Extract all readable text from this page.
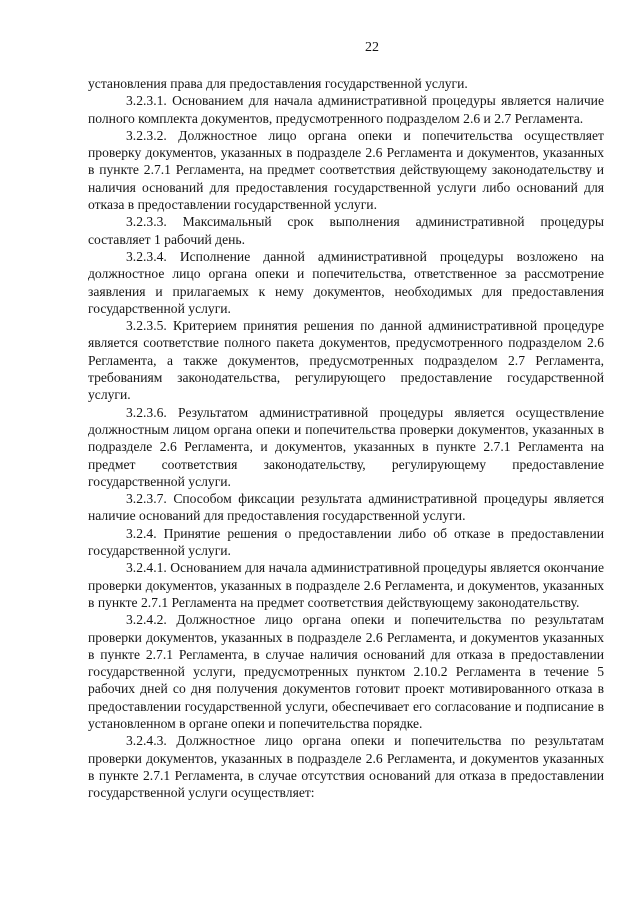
22

установления права для предоставления государственной услуги.

3.2.3.1. Основанием для начала административной процедуры является наличие полного комплекта документов, предусмотренного подразделом 2.6 и 2.7 Регламента.

3.2.3.2. Должностное лицо органа опеки и попечительства осуществляет проверку документов, указанных в подразделе 2.6 Регламента и документов, указанных в пункте 2.7.1 Регламента, на предмет соответствия действующему законодательству и наличия оснований для предоставления государственной услуги либо оснований для отказа в предоставлении государственной услуги.

3.2.3.3. Максимальный срок выполнения административной процедуры составляет 1 рабочий день.

3.2.3.4. Исполнение данной административной процедуры возложено на должностное лицо органа опеки и попечительства, ответственное за рассмотрение заявления и прилагаемых к нему документов, необходимых для предоставления государственной услуги.

3.2.3.5. Критерием принятия решения по данной административной процедуре является соответствие полного пакета документов, предусмотренного подразделом 2.6 Регламента, а также документов, предусмотренных подразделом 2.7 Регламента, требованиям законодательства, регулирующего предоставление государственной услуги.

3.2.3.6. Результатом административной процедуры является осуществление должностным лицом органа опеки и попечительства проверки документов, указанных в подразделе 2.6 Регламента, и документов, указанных в пункте 2.7.1 Регламента на предмет соответствия законодательству, регулирующему предоставление государственной услуги.

3.2.3.7. Способом фиксации результата административной процедуры является наличие оснований для предоставления государственной услуги.

3.2.4. Принятие решения о предоставлении либо об отказе в предоставлении государственной услуги.

3.2.4.1. Основанием для начала административной процедуры является окончание проверки документов, указанных в подразделе 2.6 Регламента, и документов, указанных в пункте 2.7.1 Регламента на предмет соответствия действующему законодательству.

3.2.4.2. Должностное лицо органа опеки и попечительства по результатам проверки документов, указанных в подразделе 2.6 Регламента, и документов указанных в пункте 2.7.1 Регламента, в случае наличия оснований для отказа в предоставлении государственной услуги, предусмотренных пунктом 2.10.2 Регламента в течение 5 рабочих дней со дня получения документов готовит проект мотивированного отказа в предоставлении государственной услуги, обеспечивает его согласование и подписание в установленном в органе опеки и попечительства порядке.

3.2.4.3. Должностное лицо органа опеки и попечительства по результатам проверки документов, указанных в подразделе 2.6 Регламента, и документов указанных в пункте 2.7.1 Регламента, в случае отсутствия оснований для отказа в предоставлении государственной услуги осуществляет:
